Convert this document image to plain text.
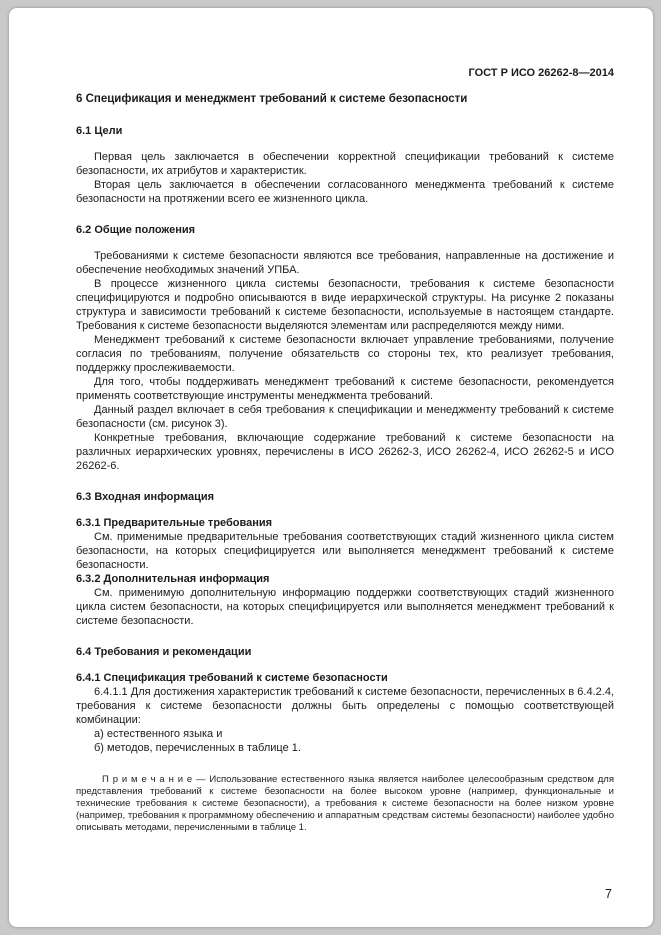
ГОСТ Р ИСО 26262-8—2014
6 Спецификация и менеджмент требований к системе безопасности
6.1 Цели

Первая цель заключается в обеспечении корректной спецификации требований к системе безопасности, их атрибутов и характеристик.

Вторая цель заключается в обеспечении согласованного менеджмента требований к системе безопасности на протяжении всего ее жизненного цикла.

6.2 Общие положения

Требованиями к системе безопасности являются все требования, направленные на достижение и обеспечение необходимых значений УПБА.

В процессе жизненного цикла системы безопасности, требования к системе безопасности специфицируются и подробно описываются в виде иерархической структуры. На рисунке 2 показаны структура и зависимости требований к системе безопасности, используемые в настоящем стандарте. Требования к системе безопасности выделяются элементам или распределяются между ними.

Менеджмент требований к системе безопасности включает управление требованиями, получение согласия по требованиям, получение обязательств со стороны тех, кто реализует требования, поддержку прослеживаемости.

Для того, чтобы поддерживать менеджмент требований к системе безопасности, рекомендуется применять соответствующие инструменты менеджмента требований.

Данный раздел включает в себя требования к спецификации и менеджменту требований к системе безопасности (см. рисунок 3).

Конкретные требования, включающие содержание требований к системе безопасности на различных иерархических уровнях, перечислены в ИСО 26262-3, ИСО 26262-4, ИСО 26262-5 и ИСО 26262-6.

6.3 Входная информация
6.3.1 Предварительные требования

См. применимые предварительные требования соответствующих стадий жизненного цикла систем безопасности, на которых специфицируется или выполняется менеджмент требований к системе безопасности.

6.3.2 Дополнительная информация

См. применимую дополнительную информацию поддержки соответствующих стадий жизненного цикла систем безопасности, на которых специфицируется или выполняется менеджмент требований к системе безопасности.

6.4 Требования и рекомендации
6.4.1 Спецификация требований к системе безопасности

6.4.1.1 Для достижения характеристик требований к системе безопасности, перечисленных в 6.4.2.4, требования к системе безопасности должны быть определены с помощью соответствующей комбинации:

а) естественного языка и

б) методов, перечисленных в таблице 1.

П р и м е ч а н и е — Использование естественного языка является наиболее целесообразным средством для представления требований к системе безопасности на более высоком уровне (например, функциональные и технические требования к системе безопасности), а требования к системе безопасности на более низком уровне (например, требования к программному обеспечению и аппаратным средствам системы безопасности) наиболее удобно описывать методами, перечисленными в таблице 1.

7
